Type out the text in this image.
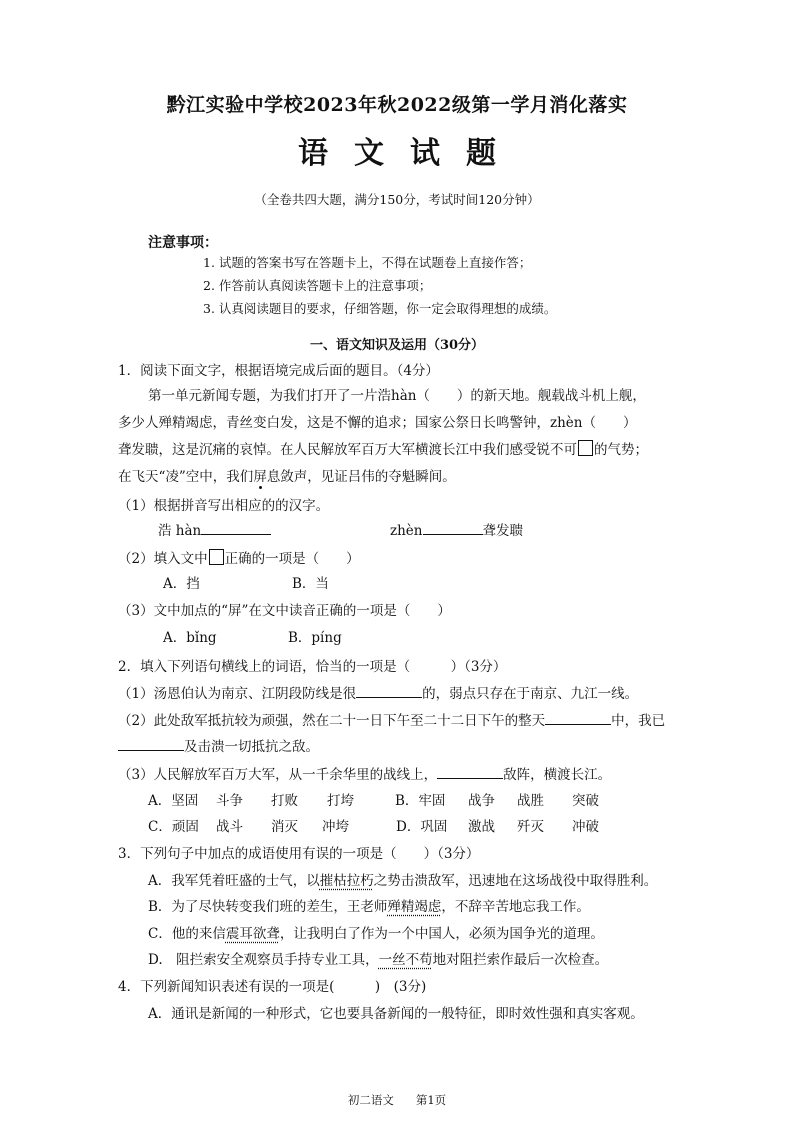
黔江实验中学校2023年秋2022级第一学月消化落实
语文试题
（全卷共四大题，满分150分，考试时间120分钟）
注意事项：
1. 试题的答案书写在答题卡上，不得在试题卷上直接作答；
2. 作答前认真阅读答题卡上的注意事项；
3. 认真阅读题目的要求，仔细答题，你一定会取得理想的成绩。
一、语文知识及运用（30分）
1．阅读下面文字，根据语境完成后面的题目。（4分）
第一单元新闻专题，为我们打开了一片浩hàn（　　）的新天地。舰载战斗机上舰，
多少人殚精竭虑，青丝变白发，这是不懈的追求；国家公祭日长鸣警钟，zhèn（　　）
聋发聩，这是沉痛的哀悼。在人民解放军百万大军横渡长江中我们感受锐不可 的气势；
在飞天“凌”空中，我们屏息敛声，见证吕伟的夺魁瞬间。
（1）根据拼音写出相应的的汉字。
浩 hàn	zhèn	聋发聩
（2）填入文中 正确的一项是（　　）
A．挡	B．当
（3）文中加点的“屏”在文中读音正确的一项是（　　）
A．bǐng	B．píng
2．填入下列语句横线上的词语，恰当的一项是（　　　）（3分）
（1）汤恩伯认为南京、江阴段防线是很	的，弱点只存在于南京、九江一线。
（2）此处敌军抵抗较为顽强，然在二十一日下午至二十二日下午的整天	中，我已
及击溃一切抵抗之敌。
（3）人民解放军百万大军，从一千余华里的战线上，	敌阵，横渡长江。
A．坚固 斗争 打败 打垮	B．牢固 战争 战胜 突破
C．顽固 战斗 消灭 冲垮	D．巩固 激战 歼灭 冲破
3．下列句子中加点的成语使用有误的一项是（　　）（3分）
A．我军凭着旺盛的士气，以摧枯拉朽之势击溃敌军，迅速地在这场战役中取得胜利。
B．为了尽快转变我们班的差生，王老师殚精竭虑，不辞辛苦地忘我工作。
C．他的来信震耳欲聋，让我明白了作为一个中国人，必须为国争光的道理。
D.　阻拦索安全观察员手持专业工具，一丝不苟地对阻拦索作最后一次检查。
4．下列新闻知识表述有误的一项是(　　　)　(3分)
A．通讯是新闻的一种形式，它也要具备新闻的一般特征，即时效性强和真实客观。
初二语文 第1页
